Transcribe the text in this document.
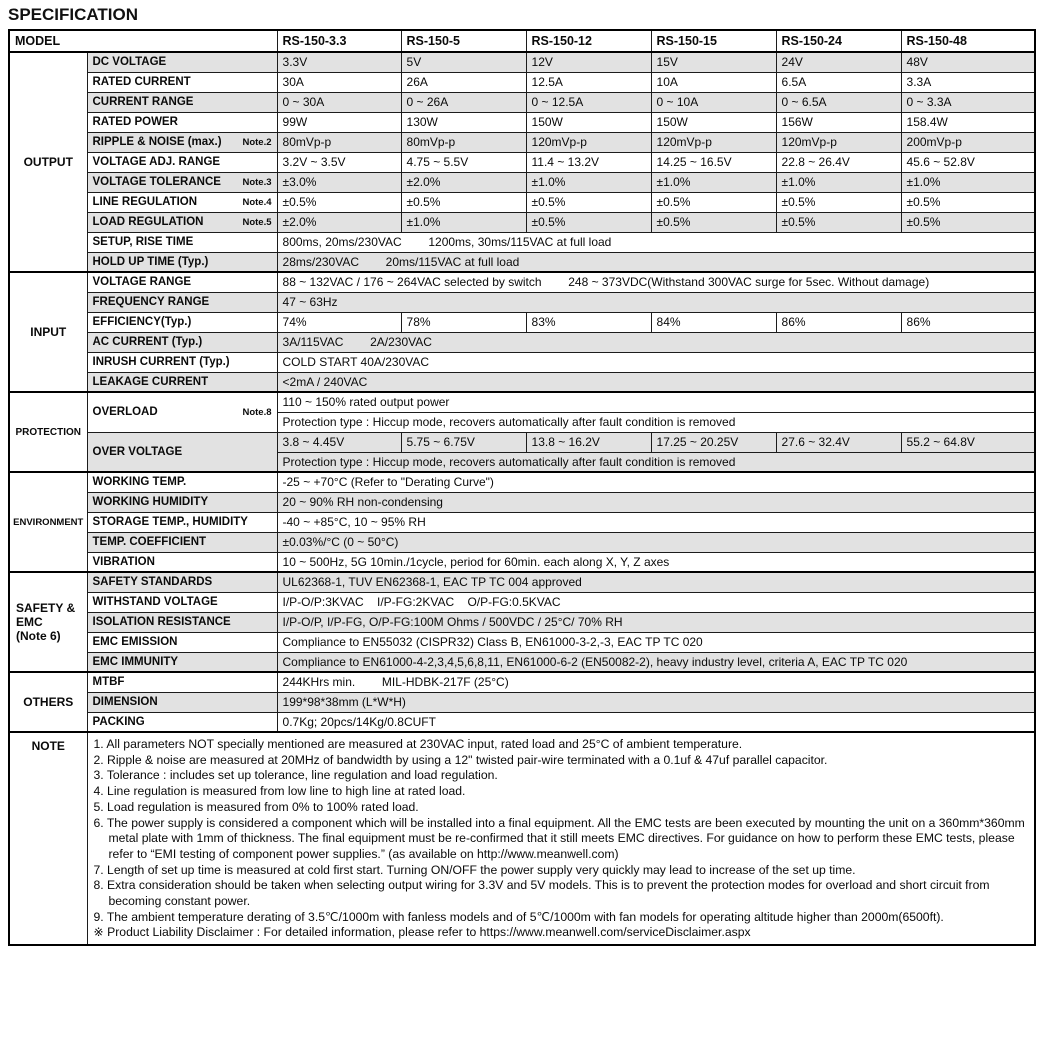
SPECIFICATION
MODEL		RS-150-3.3	RS-150-5	RS-150-12	RS-150-15	RS-150-24	RS-150-48

OUTPUT	DC VOLTAGE	3.3V	5V	12V	15V	24V	48V

	RATED CURRENT	30A	26A	12.5A	10A	6.5A	3.3A

	CURRENT RANGE	0 ~ 30A	0 ~ 26A	0 ~ 12.5A	0 ~ 10A	0 ~ 6.5A	0 ~ 3.3A

	RATED POWER	99W	130W	150W	150W	156W	158.4W

	RIPPLE & NOISE (max.) Note.2	80mVp-p	80mVp-p	120mVp-p	120mVp-p	120mVp-p	200mVp-p

	VOLTAGE ADJ. RANGE	3.2V ~ 3.5V	4.75 ~ 5.5V	11.4 ~ 13.2V	14.25 ~ 16.5V	22.8 ~ 26.4V	45.6 ~ 52.8V

	VOLTAGE TOLERANCE Note.3	±3.0%	±2.0%	±1.0%	±1.0%	±1.0%	±1.0%

	LINE REGULATION Note.4	±0.5%	±0.5%	±0.5%	±0.5%	±0.5%	±0.5%

	LOAD REGULATION Note.5	±2.0%	±1.0%	±0.5%	±0.5%	±0.5%	±0.5%

	SETUP, RISE TIME	800ms, 20ms/230VAC        1200ms, 30ms/115VAC at full load					

	HOLD UP TIME (Typ.)	28ms/230VAC        20ms/115VAC at full load					

INPUT	VOLTAGE RANGE	88 ~ 132VAC / 176 ~ 264VAC selected by switch        248 ~ 373VDC(Withstand 300VAC surge for 5sec. Without damage)					

	FREQUENCY RANGE	47 ~ 63Hz					

	EFFICIENCY(Typ.)	74%	78%	83%	84%	86%	86%

	AC CURRENT (Typ.)	3A/115VAC        2A/230VAC					

	INRUSH CURRENT (Typ.)	COLD START 40A/230VAC					

	LEAKAGE CURRENT	<2mA / 240VAC					

PROTECTION	OVERLOAD Note.8	110 ~ 150% rated output power					
		Protection type : Hiccup mode, recovers automatically after fault condition is removed					

	OVER VOLTAGE	3.8 ~ 4.45V	5.75 ~ 6.75V	13.8 ~ 16.2V	17.25 ~ 20.25V	27.6 ~ 32.4V	55.2 ~ 64.8V
		Protection type : Hiccup mode, recovers automatically after fault condition is removed					

ENVIRONMENT	WORKING TEMP.	-25 ~ +70°C (Refer to "Derating Curve")					

	WORKING HUMIDITY	20 ~ 90% RH non-condensing					

	STORAGE TEMP., HUMIDITY	-40 ~ +85°C, 10 ~ 95% RH					

	TEMP. COEFFICIENT	±0.03%/°C (0 ~ 50°C)					

	VIBRATION	10 ~ 500Hz, 5G 10min./1cycle, period for 60min. each along X, Y, Z axes					

SAFETY &
EMC
(Note 6)	SAFETY STANDARDS	UL62368-1, TUV EN62368-1, EAC TP TC 004 approved					

	WITHSTAND VOLTAGE	I/P-O/P:3KVAC    I/P-FG:2KVAC    O/P-FG:0.5KVAC					

	ISOLATION RESISTANCE	I/P-O/P, I/P-FG, O/P-FG:100M Ohms / 500VDC / 25°C/ 70% RH					

	EMC EMISSION	Compliance to EN55032 (CISPR32) Class B, EN61000-3-2,-3, EAC TP TC 020					

	EMC IMMUNITY	Compliance to EN61000-4-2,3,4,5,6,8,11, EN61000-6-2 (EN50082-2), heavy industry level, criteria A, EAC TP TC 020					

OTHERS	MTBF	244KHrs min.        MIL-HDBK-217F (25°C)					

	DIMENSION	199*98*38mm (L*W*H)					

	PACKING	0.7Kg; 20pcs/14Kg/0.8CUFT					

NOTE	1. All parameters NOT specially mentioned are measured at 230VAC input, rated load and 25°C of ambient temperature.
2. Ripple & noise are measured at 20MHz of bandwidth by using a 12" twisted pair-wire terminated with a 0.1uf & 47uf parallel capacitor.
3. Tolerance : includes set up tolerance, line regulation and load regulation.
4. Line regulation is measured from low line to high line at rated load.
5. Load regulation is measured from 0% to 100% rated load.
6. The power supply is considered a component which will be installed into a final equipment. All the EMC tests are been executed by mounting the unit on a 360mm*360mm metal plate with 1mm of thickness. The final equipment must be re-confirmed that it still meets EMC directives. For guidance on how to perform these EMC tests, please refer to “EMI testing of component power supplies.” (as available on http://www.meanwell.com)
7. Length of set up time is measured at cold first start. Turning ON/OFF the power supply very quickly may lead to increase of the set up time.
8. Extra consideration should be taken when selecting output wiring for 3.3V and 5V models. This is to prevent the protection modes for overload and short circuit from becoming constant power.
9. The ambient temperature derating of 3.5℃/1000m with fanless models and of 5℃/1000m with fan models for operating altitude higher than 2000m(6500ft).
※ Product Liability Disclaimer : For detailed information, please refer to https://www.meanwell.com/serviceDisclaimer.aspx
